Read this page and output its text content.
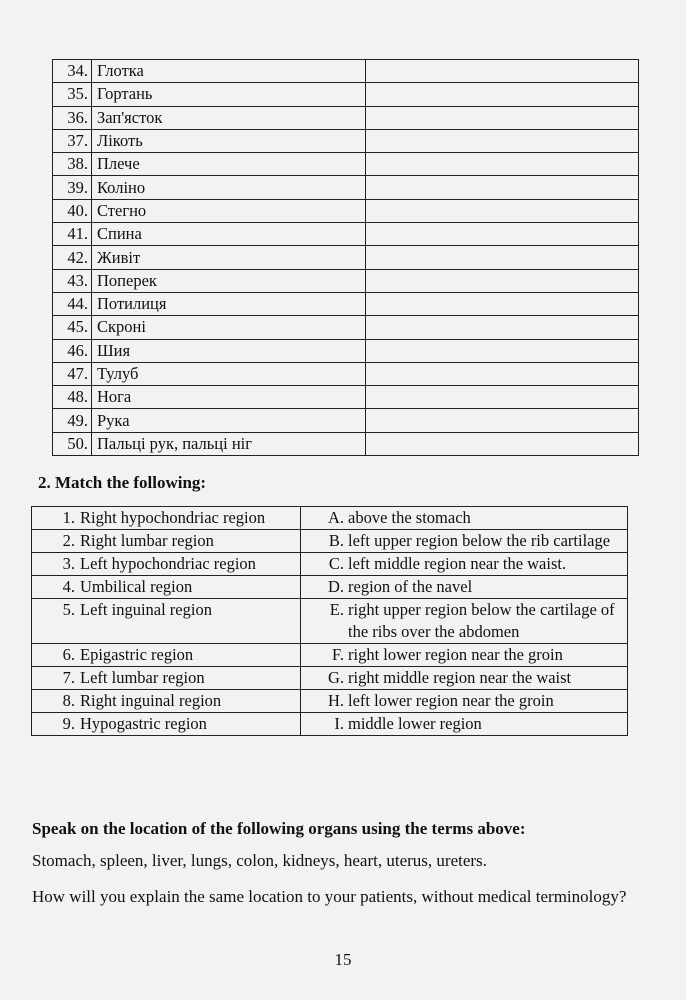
34.	Глотка	
35.	Гортань	
36.	Зап'ясток	
37.	Лікоть	
38.	Плече	
39.	Коліно	
40.	Стегно	
41.	Спина	
42.	Живіт	
43.	Поперек	
44.	Потилиця	
45.	Скроні	
46.	Шия	
47.	Тулуб	
48.	Нога	
49.	Рука	
50.	Пальці рук, пальці ніг	
2. Match the following:
1. Right hypochondriac region	A. above the stomach

2. Right lumbar region	B. left upper region below the rib cartilage

3. Left hypochondriac region	C. left middle region near the waist.

4. Umbilical region	D. region of the navel

5. Left inguinal region	E. right upper region below the cartilage of the ribs over the abdomen

6. Epigastric region	F. right lower region near the groin

7. Left lumbar region	G. right middle region near the waist

8. Right inguinal region	H. left lower region near the groin

9. Hypogastric region	I. middle lower region
Speak on the location of the following organs using the terms above:
Stomach, spleen, liver, lungs, colon, kidneys, heart, uterus, ureters.
How will you explain the same location to your patients, without medical terminology?
15
